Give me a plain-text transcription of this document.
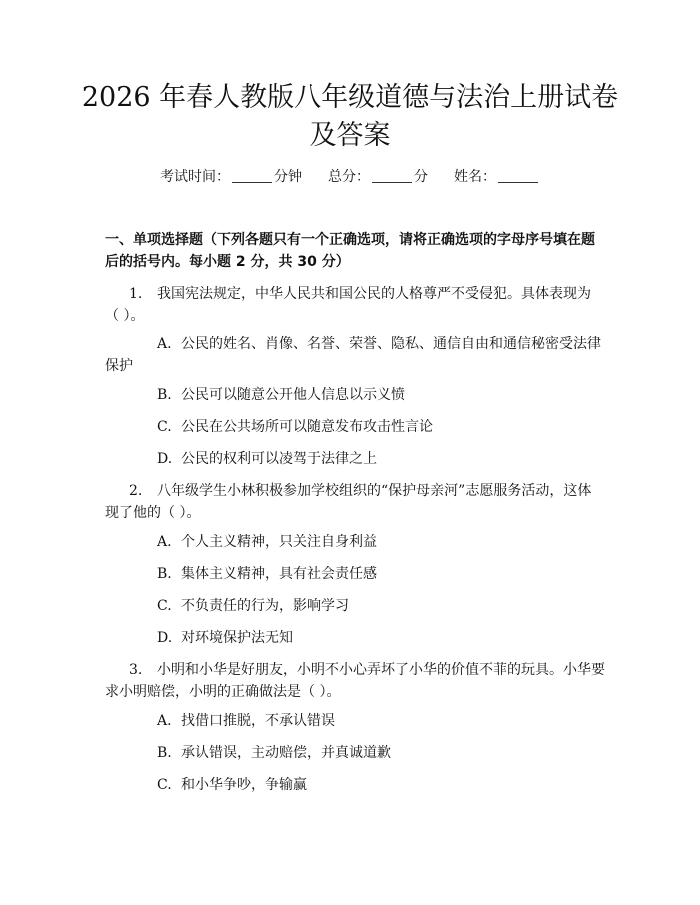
2026 年春人教版八年级道德与法治上册试卷
及答案
考试时间：	分钟 总分：	分 姓名：
一、单项选择题（下列各题只有一个正确选项，请将正确选项的字母序号填在题
后的括号内。每小题 2 分，共 30 分）
1. 我国宪法规定，中华人民共和国公民的人格尊严不受侵犯。具体表现为
（ ）。
A. 公民的姓名、肖像、名誉、荣誉、隐私、通信自由和通信秘密受法律
保护
B. 公民可以随意公开他人信息以示义愤
C. 公民在公共场所可以随意发布攻击性言论
D. 公民的权利可以凌驾于法律之上
2. 八年级学生小林积极参加学校组织的“保护母亲河”志愿服务活动，这体
现了他的（ ）。
A. 个人主义精神，只关注自身利益
B. 集体主义精神，具有社会责任感
C. 不负责任的行为，影响学习
D. 对环境保护法无知
3. 小明和小华是好朋友，小明不小心弄坏了小华的价值不菲的玩具。小华要
求小明赔偿，小明的正确做法是（ ）。
A. 找借口推脱，不承认错误
B. 承认错误，主动赔偿，并真诚道歉
C. 和小华争吵，争输赢
